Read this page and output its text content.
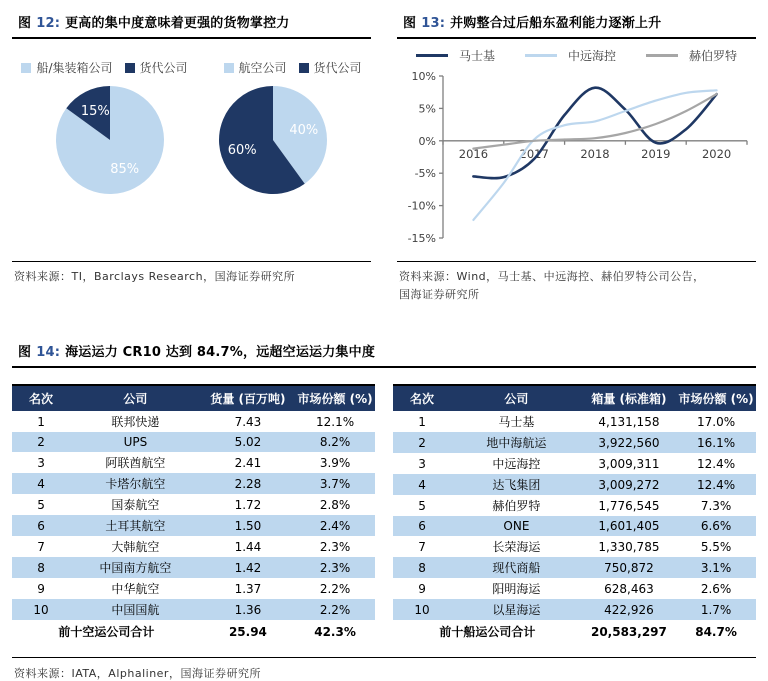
图 12: 更高的集中度意味着更强的货物掌控力
船/集装箱公司 货代公司	航空公司 货代公司
85%
15%
40%
60%
资料来源：TI，Barclays Research，国海证券研究所
图 13: 并购整合过后船东盈利能力逐渐上升
马士基	中远海控	赫伯罗特
10%
5%
0%
-5%
-10%
-15%
2016	2017	2018	2019	2020
资料来源：Wind，马士基、中远海控、赫伯罗特公司公告，
国海证券研究所
图 14: 海运运力 CR10 达到 84.7%，远超空运运力集中度
名次	公司	货量 (百万吨)	市场份额 (%)
1	联邦快递	7.43	12.1%
2	UPS	5.02	8.2%
3	阿联酋航空	2.41	3.9%
4	卡塔尔航空	2.28	3.7%
5	国泰航空	1.72	2.8%
6	土耳其航空	1.50	2.4%
7	大韩航空	1.44	2.3%
8	中国南方航空	1.42	2.3%
9	中华航空	1.37	2.2%
10	中国国航	1.36	2.2%
前十空运公司合计		25.94	42.3%
名次	公司	箱量 (标准箱)	市场份额 (%)
1	马士基	4,131,158	17.0%
2	地中海航运	3,922,560	16.1%
3	中远海控	3,009,311	12.4%
4	达飞集团	3,009,272	12.4%
5	赫伯罗特	1,776,545	7.3%
6	ONE	1,601,405	6.6%
7	长荣海运	1,330,785	5.5%
8	现代商船	750,872	3.1%
9	阳明海运	628,463	2.6%
10	以星海运	422,926	1.7%
前十船运公司合计		20,583,297	84.7%
资料来源：IATA，Alphaliner，国海证券研究所
